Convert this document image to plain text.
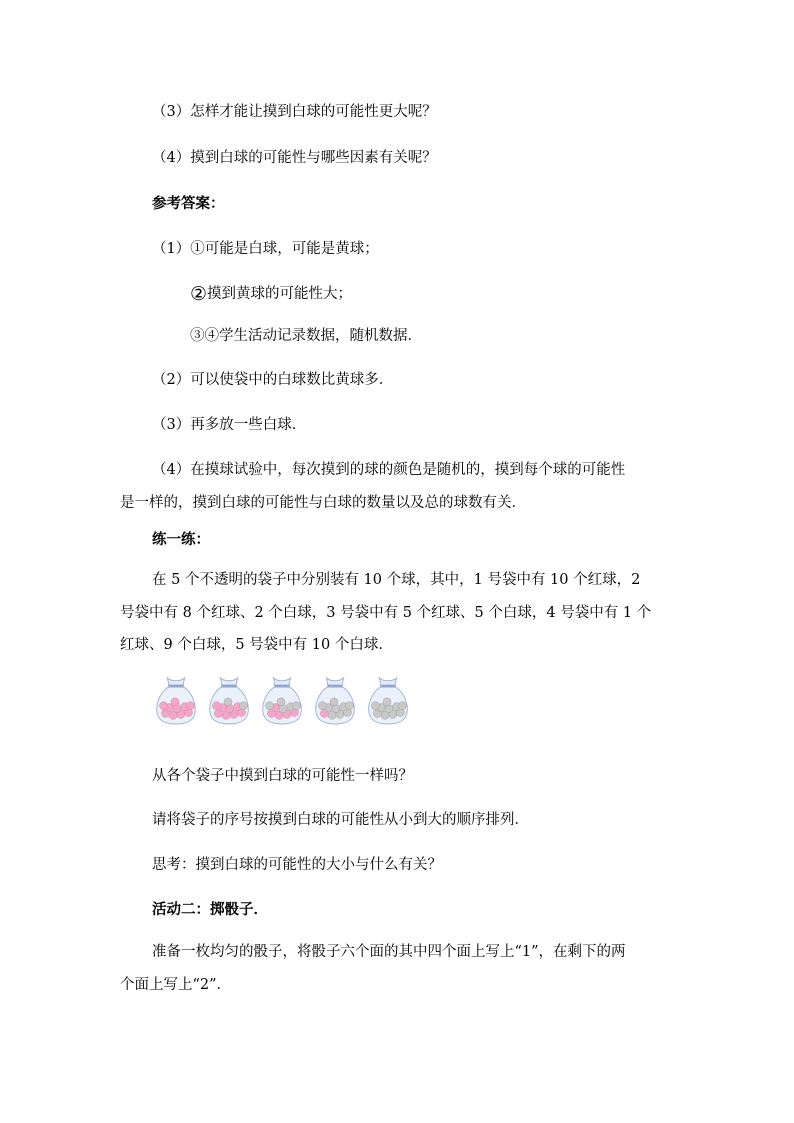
（3）怎样才能让摸到白球的可能性更大呢？
（4）摸到白球的可能性与哪些因素有关呢？
参考答案：
（1）①可能是白球，可能是黄球；
②摸到黄球的可能性大；
③④学生活动记录数据，随机数据．
（2）可以使袋中的白球数比黄球多．
（3）再多放一些白球．
（4）在摸球试验中，每次摸到的球的颜色是随机的，摸到每个球的可能性
是一样的，摸到白球的可能性与白球的数量以及总的球数有关．
练一练：
在 5 个不透明的袋子中分别装有 10 个球，其中，1 号袋中有 10 个红球，2
号袋中有 8 个红球、2 个白球，3 号袋中有 5 个红球、5 个白球，4 号袋中有 1 个
红球、9 个白球，5 号袋中有 10 个白球．
从各个袋子中摸到白球的可能性一样吗？
请将袋子的序号按摸到白球的可能性从小到大的顺序排列．
思考：摸到白球的可能性的大小与什么有关？
活动二：掷骰子．
准备一枚均匀的骰子，将骰子六个面的其中四个面上写上“1”，在剩下的两
个面上写上“2”．
